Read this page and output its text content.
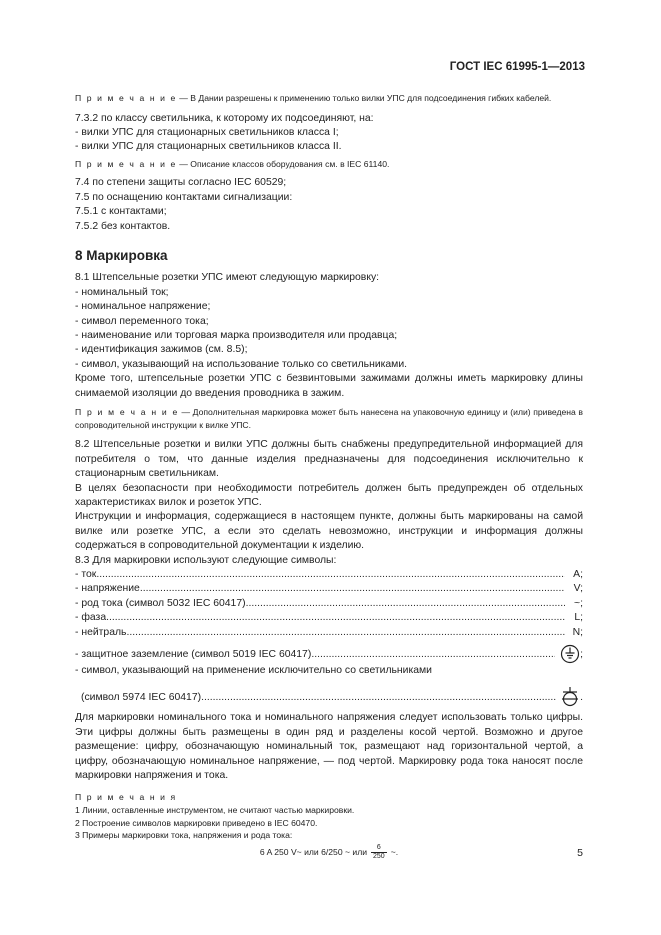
ГОСТ IEC 61995-1—2013

П р и м е ч а н и е — В Дании разрешены к применению только вилки УПС для подсоединения гибких кабелей.

7.3.2 по классу светильника, к которому их подсоединяют, на:

- вилки УПС для стационарных светильников класса I;

- вилки УПС для стационарных светильников класса II.

П р и м е ч а н и е — Описание классов оборудования см. в IEC 61140.

7.4 по степени защиты согласно IEC 60529;

7.5 по оснащению контактами сигнализации:

7.5.1 с контактами;

7.5.2 без контактов.

8 Маркировка

8.1 Штепсельные розетки УПС имеют следующую маркировку:

- номинальный ток;

- номинальное напряжение;

- символ переменного тока;

- наименование или торговая марка производителя или продавца;

- идентификация зажимов (см. 8.5);

- символ, указывающий на использование только со светильниками.

Кроме того, штепсельные розетки УПС с безвинтовыми зажимами должны иметь маркировку длины снимаемой изоляции до введения проводника в зажим.

П р и м е ч а н и е — Дополнительная маркировка может быть нанесена на упаковочную единицу и (или) приведена в сопроводительной инструкции к вилке УПС.

8.2 Штепсельные розетки и вилки УПС должны быть снабжены предупредительной информацией для потребителя о том, что данные изделия предназначены для подсоединения исключительно к стационарным светильникам.

В целях безопасности при необходимости потребитель должен быть предупрежден об отдельных характеристиках вилок и розеток УПС.

Инструкции и информация, содержащиеся в настоящем пункте, должны быть маркированы на самой вилке или розетке УПС, а если это сделать невозможно, инструкции и информация должны содержаться в сопроводительной документации к изделию.

8.3 Для маркировки используют следующие символы:

- ток .....	A;
- напряжение .....	V;
- род тока (символ 5032 IEC 60417) .....	~;
- фаза .....	L;
- нейтраль .....	N;
- защитное заземление (символ 5019 IEC 60417) .....	;

- символ, указывающий на применение исключительно со светильниками

(символ 5974 IEC 60417) .....	.

Для маркировки номинального тока и номинального напряжения следует использовать только цифры. Эти цифры должны быть размещены в один ряд и разделены косой чертой. Возможно и другое размещение: цифру, обозначающую номинальный ток, размещают над горизонтальной чертой, а цифру, обозначающую номинальное напряжение, — под чертой. Маркировку рода тока наносят после маркировки напряжения и тока.

П р и м е ч а н и я

1 Линии, оставленные инструментом, не считают частью маркировки.

2 Построение символов маркировки приведено в IEC 60470.

3 Примеры маркировки тока, напряжения и рода тока:

6 A 250 V~ или 6/250 ~ или $\frac{6}{250}$ ~.	5
